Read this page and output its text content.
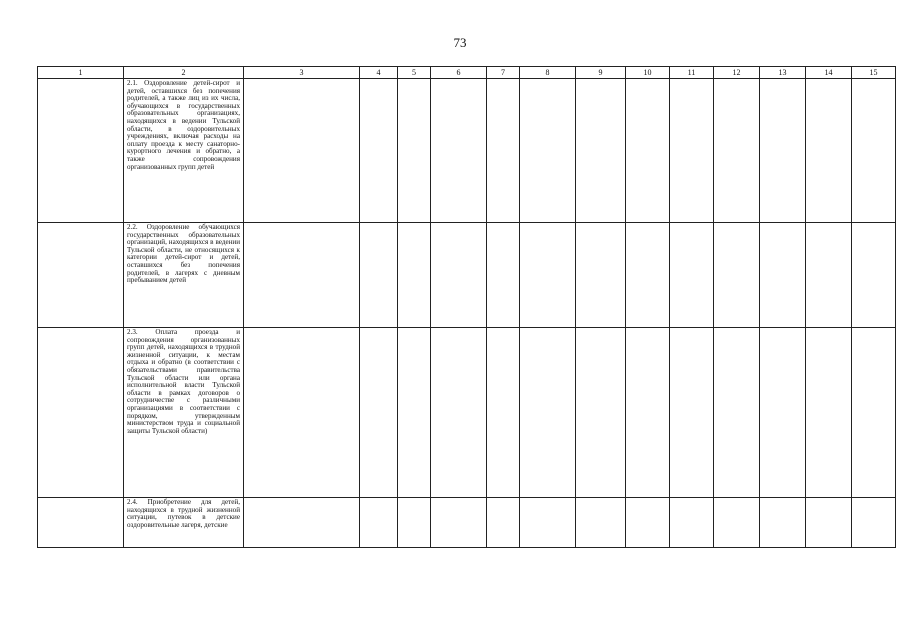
73
1	2	3	4	5	6	7	8	9	10	11	12	13	14	15

	2.1. Оздоровление детей-сирот и детей, оставшихся без попечения родителей, а также лиц из их числа, обучающихся в государственных образовательных организациях, находящихся в ведении Тульской области, в оздоровительных учреждениях, включая расходы на оплату проезда к месту санаторно-курортного лечения и обратно, а также сопровождения организованных групп детей													

	2.2. Оздоровление обучающихся государственных образовательных организаций, находящихся в ведении Тульской области, не относящихся к категории детей-сирот и детей, оставшихся без попечения родителей, в лагерях с дневным пребыванием детей													

	2.3. Оплата проезда и сопровождения организованных групп детей, находящихся в трудной жизненной ситуации, к местам отдыха и обратно (в соответствии с обязательствами правительства Тульской области или органа исполнительной власти Тульской области в рамках договоров о сотрудничестве с различными организациями в соответствии с порядком, утвержденным министерством труда и социальной защиты Тульской области)													

	2.4. Приобретение для детей, находящихся в трудной жизненной ситуации, путевок в детские оздоровительные лагеря, детские													
